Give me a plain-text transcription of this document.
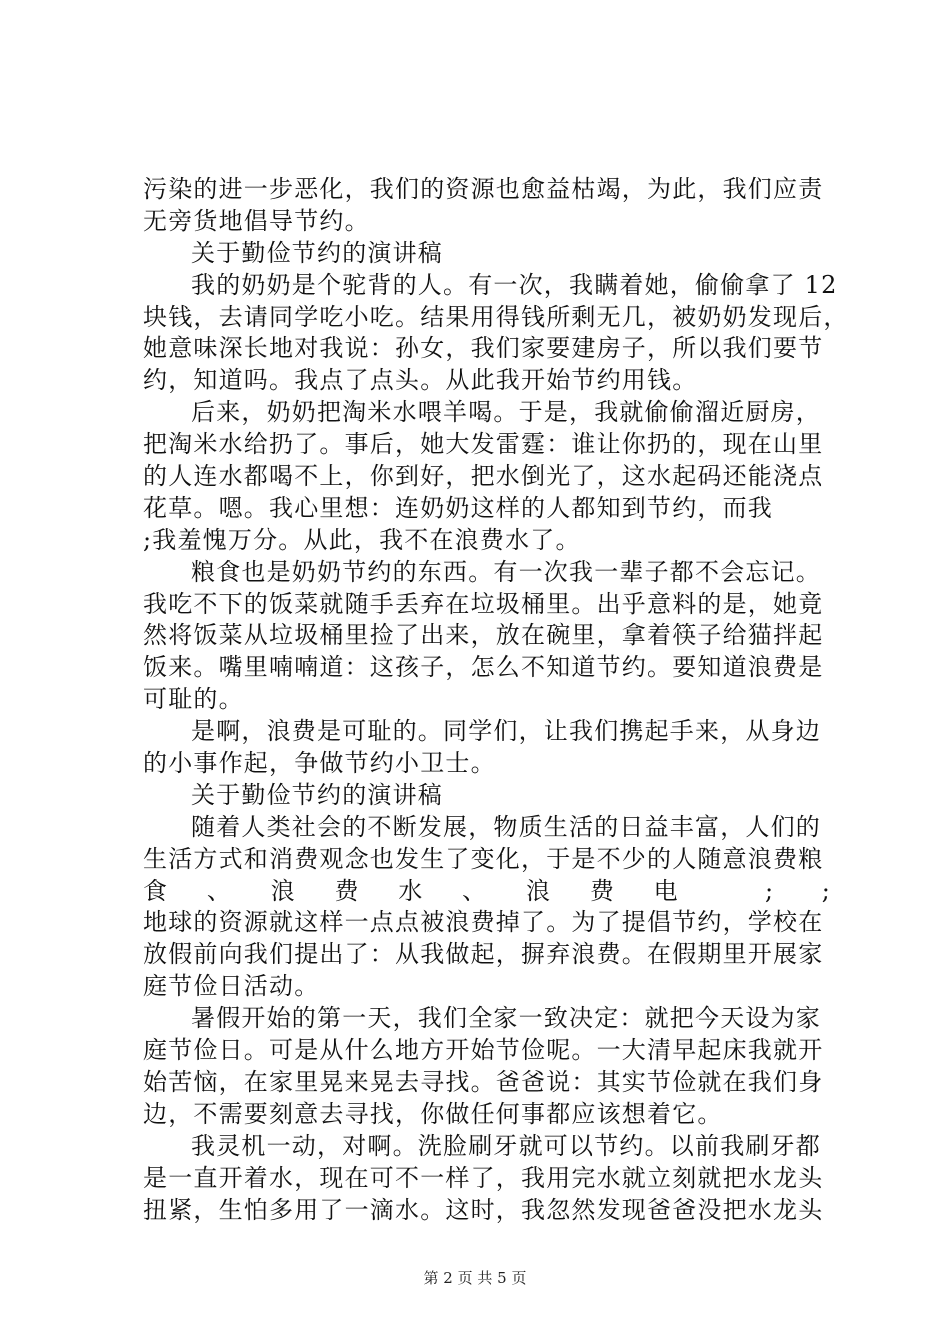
污染的进一步恶化，我们的资源也愈益枯竭，为此，我们应责
无旁货地倡导节约。
关于勤俭节约的演讲稿
我的奶奶是个驼背的人。有一次，我瞒着她，偷偷拿了 12
块钱，去请同学吃小吃。结果用得钱所剩无几，被奶奶发现后，
她意味深长地对我说：孙女，我们家要建房子，所以我们要节
约，知道吗。我点了点头。从此我开始节约用钱。
后来，奶奶把淘米水喂羊喝。于是，我就偷偷溜近厨房，
把淘米水给扔了。事后，她大发雷霆：谁让你扔的，现在山里
的人连水都喝不上，你到好，把水倒光了，这水起码还能浇点
花草。嗯。我心里想：连奶奶这样的人都知到节约，而我
;我羞愧万分。从此，我不在浪费水了。
粮食也是奶奶节约的东西。有一次我一辈子都不会忘记。
我吃不下的饭菜就随手丢弃在垃圾桶里。出乎意料的是，她竟
然将饭菜从垃圾桶里捡了出来，放在碗里，拿着筷子给猫拌起
饭来。嘴里喃喃道：这孩子，怎么不知道节约。要知道浪费是
可耻的。
是啊，浪费是可耻的。同学们，让我们携起手来，从身边
的小事作起，争做节约小卫士。
关于勤俭节约的演讲稿
随着人类社会的不断发展，物质生活的日益丰富，人们的
生活方式和消费观念也发生了变化，于是不少的人随意浪费粮
食、浪费水、浪费电 ; ;
地球的资源就这样一点点被浪费掉了。为了提倡节约，学校在
放假前向我们提出了：从我做起，摒弃浪费。在假期里开展家
庭节俭日活动。
暑假开始的第一天，我们全家一致决定：就把今天设为家
庭节俭日。可是从什么地方开始节俭呢。一大清早起床我就开
始苦恼，在家里晃来晃去寻找。爸爸说：其实节俭就在我们身
边，不需要刻意去寻找，你做任何事都应该想着它。
我灵机一动，对啊。洗脸刷牙就可以节约。以前我刷牙都
是一直开着水，现在可不一样了，我用完水就立刻就把水龙头
扭紧，生怕多用了一滴水。这时，我忽然发现爸爸没把水龙头
第 2 页 共 5 页
